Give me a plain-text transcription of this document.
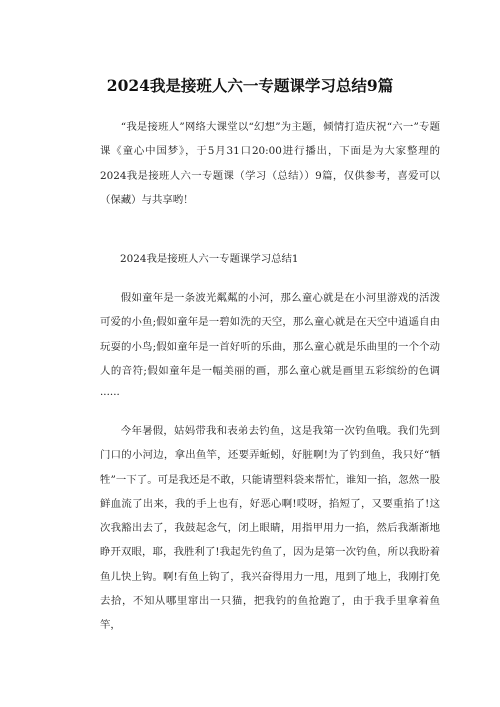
2024我是接班人六一专题课学习总结9篇

“我是接班人”网络大课堂以“幻想”为主题，倾情打造庆祝“六一”专题课《童心中国梦》，于5月31口20:00进行播出，下面是为大家整理的2024我是接班人六一专题课（学习（总结））9篇，仅供参考，喜爱可以（保藏）与共享哟！

2024我是接班人六一专题课学习总结1

假如童年是一条波光粼粼的小河，那么童心就是在小河里游戏的活泼可爱的小鱼;假如童年是一碧如洗的天空，那么童心就是在天空中逍遥自由玩耍的小鸟;假如童年是一首好听的乐曲，那么童心就是乐曲里的一个个动人的音符;假如童年是一幅美丽的画，那么童心就是画里五彩缤纷的色调······

今年暑假，姑妈带我和表弟去钓鱼，这是我第一次钓鱼哦。我们先到门口的小河边，拿出鱼竿，还要弄蚯蚓，好脏啊!为了钓到鱼，我只好“牺牲”一下了。可是我还是不敢，只能请塑料袋来帮忙，谁知一掐，忽然一股鲜血流了出来，我的手上也有，好恶心啊!哎呀，掐短了，又要重掐了!这次我豁出去了，我鼓起念气，闭上眼睛，用指甲用力一掐，然后我渐渐地睁开双眼，耶，我胜利了!我起先钓鱼了，因为是第一次钓鱼，所以我盼着鱼儿快上钩。啊!有鱼上钩了，我兴奋得用力一甩，甩到了地上，我刚打免去拾，不知从哪里窜出一只猫，把我钓的鱼抢跑了，由于我手里拿着鱼竿，
